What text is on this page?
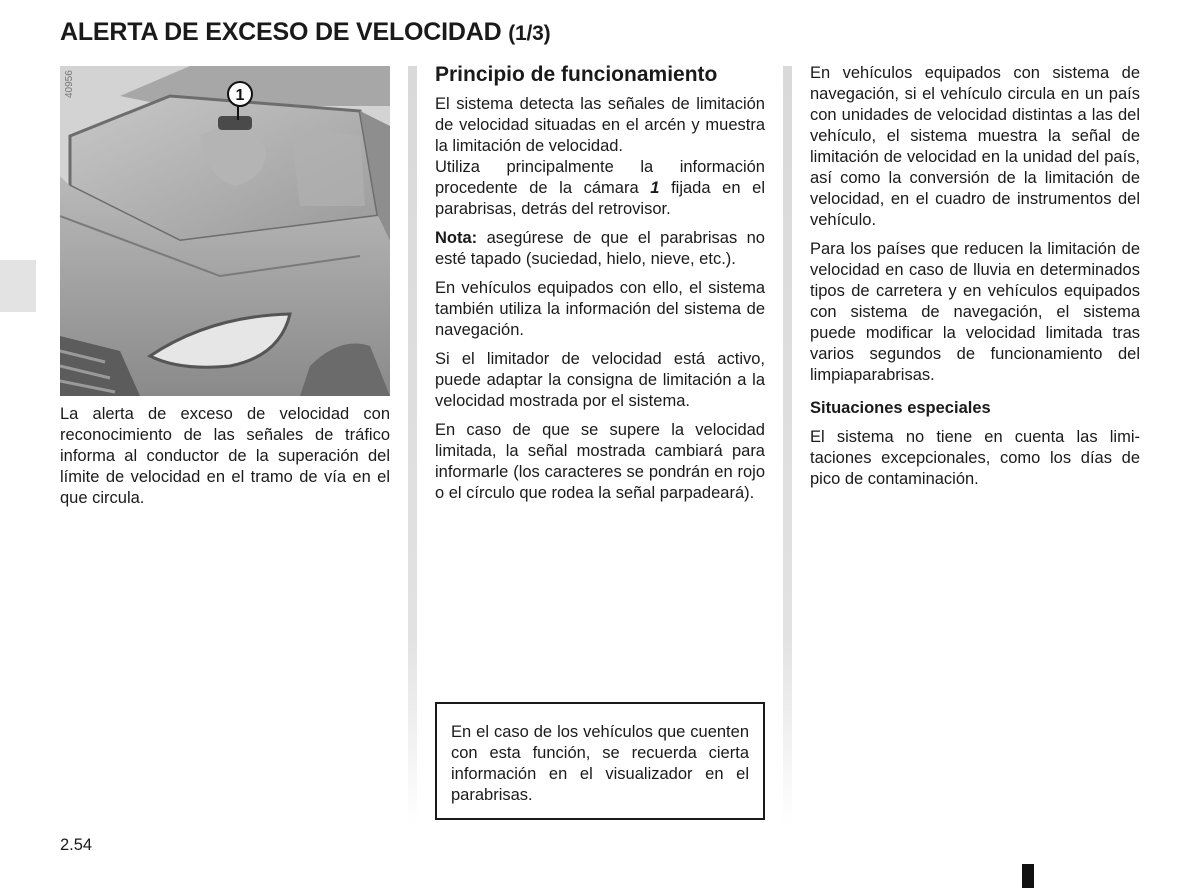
ALERTA DE EXCESO DE VELOCIDAD (1/3)
1
40956

La alerta de exceso de velocidad con reconocimiento de las señales de tráfico informa al conductor de la superación del límite de velocidad en el tramo de vía en el que circula.

Principio de funcionamiento

El sistema detecta las señales de limitación de velocidad situadas en el arcén y muestra la limitación de velocidad.

Utiliza principalmente la información procedente de la cámara 1 fijada en el parabrisas, detrás del retrovisor.

Nota: asegúrese de que el parabrisas no esté tapado (suciedad, hielo, nieve, etc.).

En vehículos equipados con ello, el sistema también utiliza la información del sistema de navegación.

Si el limitador de velocidad está activo, puede adaptar la consigna de limitación a la velocidad mostrada por el sistema.

En caso de que se supere la velocidad limitada, la señal mostrada cambiará para informarle (los caracteres se pondrán en rojo o el círculo que rodea la señal parpadeará).

En el caso de los vehículos que cuenten con esta función, se recuerda cierta información en el visualizador en el parabrisas.

En vehículos equipados con sistema de navegación, si el vehículo circula en un país con unidades de velocidad distintas a las del vehículo, el sistema muestra la señal de limitación de velocidad en la unidad del país, así como la conversión de la limitación de velocidad, en el cuadro de instrumentos del vehículo.

Para los países que reducen la limitación de velocidad en caso de lluvia en determinados tipos de carretera y en vehículos equipados con sistema de navegación, el sistema puede modificar la velocidad limitada tras varios segundos de funcionamiento del limpiaparabrisas.

Situaciones especiales

El sistema no tiene en cuenta las limitaciones excepcionales, como los días de pico de contaminación.

2.54
